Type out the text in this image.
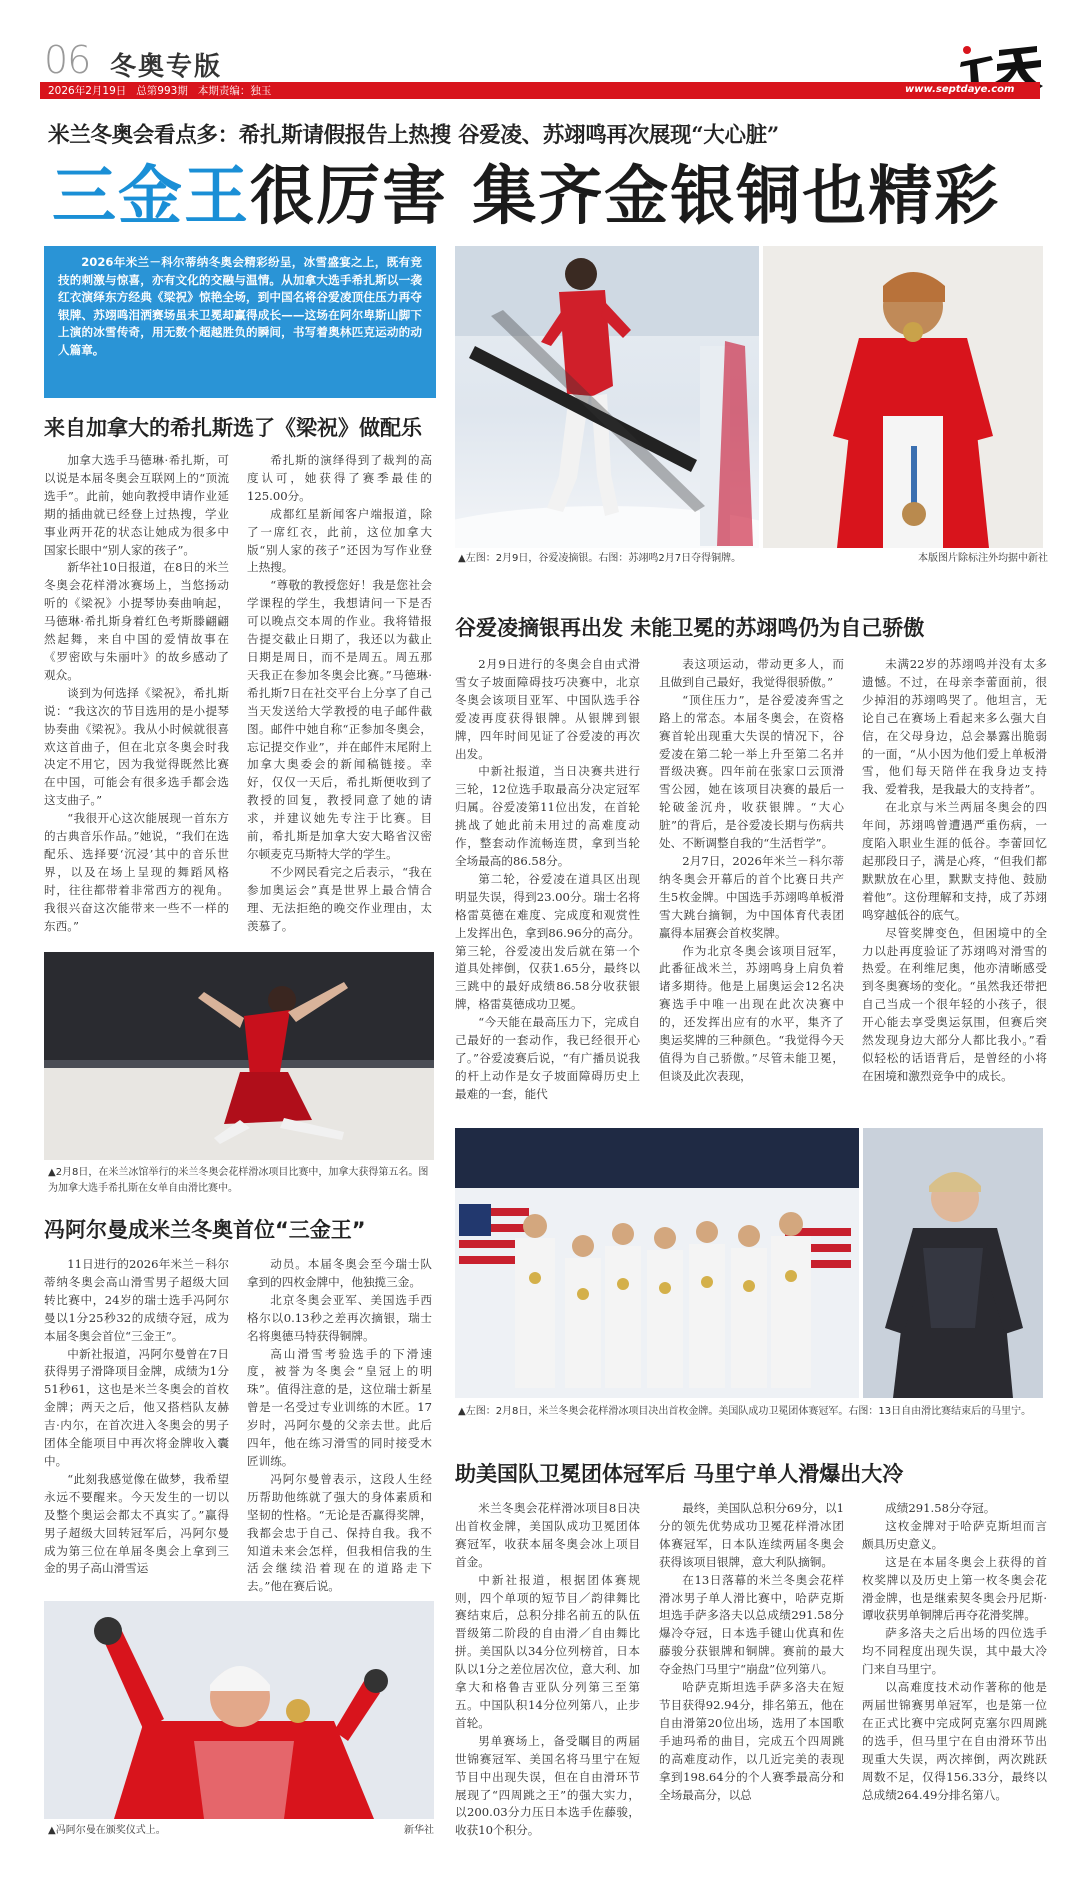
06 冬奥专版
2026年2月19日 总第993期 本期责编：独玉	www.septdaye.com
米兰冬奥会看点多：希扎斯请假报告上热搜 谷爱凌、苏翊鸣再次展现“大心脏”
三金王很厉害 集齐金银铜也精彩
2026年米兰－科尔蒂纳冬奥会精彩纷呈，冰雪盛宴之上，既有竞技的刺激与惊喜，亦有文化的交融与温情。从加拿大选手希扎斯以一袭红衣演绎东方经典《梁祝》惊艳全场，到中国名将谷爱凌顶住压力再夺银牌、苏翊鸣泪洒赛场虽未卫冕却赢得成长——这场在阿尔卑斯山脚下上演的冰雪传奇，用无数个超越胜负的瞬间，书写着奥林匹克运动的动人篇章。
▲左图：2月9日，谷爱凌摘银。右图：苏翊鸣2月7日夺得铜牌。	本版图片除标注外均据中新社
来自加拿大的希扎斯选了《梁祝》做配乐

加拿大选手马德琳·希扎斯，可以说是本届冬奥会互联网上的“顶流选手”。此前，她向教授申请作业延期的插曲就已经登上过热搜，学业事业两开花的状态让她成为很多中国家长眼中“别人家的孩子”。

新华社10日报道，在8日的米兰冬奥会花样滑冰赛场上，当悠扬动听的《梁祝》小提琴协奏曲响起，马德琳·希扎斯身着红色考斯滕翩翩然起舞，来自中国的爱情故事在《罗密欧与朱丽叶》的故乡感动了观众。

谈到为何选择《梁祝》，希扎斯说：“我这次的节目选用的是小提琴协奏曲《梁祝》。我从小时候就很喜欢这首曲子，但在北京冬奥会时我决定不用它，因为我觉得既然比赛在中国，可能会有很多选手都会选这支曲子。”

“我很开心这次能展现一首东方的古典音乐作品。”她说，“我们在选配乐、选择要‘沉浸’其中的音乐世界，以及在场上呈现的舞蹈风格时，往往都带着非常西方的视角。我很兴奋这次能带来一些不一样的东西。”

希扎斯的演绎得到了裁判的高度认可，她获得了赛季最佳的125.00分。

成都红星新闻客户端报道，除了一席红衣，此前，这位加拿大版“别人家的孩子”还因为写作业登上热搜。

“尊敬的教授您好！我是您社会学课程的学生，我想请问一下是否可以晚点交本周的作业。我将错报告提交截止日期了，我还以为截止日期是周日，而不是周五。周五那天我正在参加冬奥会比赛。”马德琳·希扎斯7日在社交平台上分享了自己当天发送给大学教授的电子邮件截图。邮件中她自称“正参加冬奥会，忘记提交作业”，并在邮件末尾附上加拿大奥委会的新闻稿链接。幸好，仅仅一天后，希扎斯便收到了教授的回复，教授同意了她的请求，并建议她先专注于比赛。目前，希扎斯是加拿大安大略省汉密尔顿麦克马斯特大学的学生。

不少网民看完之后表示，“我在参加奥运会”真是世界上最合情合理、无法拒绝的晚交作业理由，太羡慕了。

▲2月8日，在米兰冰馆举行的米兰冬奥会花样滑冰项目比赛中，加拿大获得第五名。图为加拿大选手希扎斯在女单自由滑比赛中。
冯阿尔曼成米兰冬奥首位“三金王”

11日进行的2026年米兰－科尔蒂纳冬奥会高山滑雪男子超级大回转比赛中，24岁的瑞士选手冯阿尔曼以1分25秒32的成绩夺冠，成为本届冬奥会首位“三金王”。

中新社报道，冯阿尔曼曾在7日获得男子滑降项目金牌，成绩为1分51秒61，这也是米兰冬奥会的首枚金牌；两天之后，他又搭档队友赫吉·内尔，在首次进入冬奥会的男子团体全能项目中再次将金牌收入囊中。

“此刻我感觉像在做梦，我希望永远不要醒来。今天发生的一切以及整个奥运会都太不真实了。”赢得男子超级大回转冠军后，冯阿尔曼成为第三位在单届冬奥会上拿到三金的男子高山滑雪运

动员。本届冬奥会至今瑞士队拿到的四枚金牌中，他独揽三金。

北京冬奥会亚军、美国选手西格尔以0.13秒之差再次摘银，瑞士名将奥德马特获得铜牌。

高山滑雪考验选手的下滑速度，被誉为冬奥会“皇冠上的明珠”。值得注意的是，这位瑞士新星曾是一名受过专业训练的木匠。17岁时，冯阿尔曼的父亲去世。此后四年，他在练习滑雪的同时接受木匠训练。

冯阿尔曼曾表示，这段人生经历帮助他练就了强大的身体素质和坚韧的性格。“无论是否赢得奖牌，我都会忠于自己、保持自我。我不知道未来会怎样，但我相信我的生活会继续沿着现在的道路走下去。”他在赛后说。

▲冯阿尔曼在颁奖仪式上。	新华社
谷爱凌摘银再出发 未能卫冕的苏翊鸣仍为自己骄傲

2月9日进行的冬奥会自由式滑雪女子坡面障碍技巧决赛中，北京冬奥会该项目亚军、中国队选手谷爱凌再度获得银牌。从银牌到银牌，四年时间见证了谷爱凌的再次出发。

中新社报道，当日决赛共进行三轮，12位选手取最高分决定冠军归属。谷爱凌第11位出发，在首轮挑战了她此前未用过的高难度动作，整套动作流畅连贯，拿到当轮全场最高的86.58分。

第二轮，谷爱凌在道具区出现明显失误，得到23.00分。瑞士名将格雷莫德在难度、完成度和观赏性上发挥出色，拿到86.96分的高分。第三轮，谷爱凌出发后就在第一个道具处摔倒，仅获1.65分，最终以三跳中的最好成绩86.58分收获银牌，格雷莫德成功卫冕。

“今天能在最高压力下，完成自己最好的一套动作，我已经很开心了。”谷爱凌赛后说，“有广播员说我的杆上动作是女子坡面障碍历史上最难的一套，能代

表这项运动，带动更多人，而且做到自己最好，我觉得很骄傲。”

“顶住压力”，是谷爱凌奔雪之路上的常态。本届冬奥会，在资格赛首轮出现重大失误的情况下，谷爱凌在第二轮一举上升至第二名并晋级决赛。四年前在张家口云顶滑雪公园，她在该项目决赛的最后一轮破釜沉舟，收获银牌。“大心脏”的背后，是谷爱凌长期与伤病共处、不断调整自我的“生活哲学”。

2月7日，2026年米兰－科尔蒂纳冬奥会开幕后的首个比赛日共产生5枚金牌。中国选手苏翊鸣单板滑雪大跳台摘铜，为中国体育代表团赢得本届赛会首枚奖牌。

作为北京冬奥会该项目冠军，此番征战米兰，苏翊鸣身上肩负着诸多期待。他是上届奥运会12名决赛选手中唯一出现在此次决赛中的，还发挥出应有的水平，集齐了奥运奖牌的三种颜色。“我觉得今天值得为自己骄傲。”尽管未能卫冕，但谈及此次表现，

未满22岁的苏翊鸣并没有太多遗憾。不过，在母亲李蕾面前，很少掉泪的苏翊鸣哭了。他坦言，无论自己在赛场上看起来多么强大自信，在父母身边，总会暴露出脆弱的一面，“从小因为他们爱上单板滑雪，他们每天陪伴在我身边支持我、爱着我，是我最大的支持者”。

在北京与米兰两届冬奥会的四年间，苏翊鸣曾遭遇严重伤病，一度陷入职业生涯的低谷。李蕾回忆起那段日子，满是心疼，“但我们都默默放在心里，默默支持他、鼓励着他”。这份理解和支持，成了苏翊鸣穿越低谷的底气。

尽管奖牌变色，但困境中的全力以赴再度验证了苏翊鸣对滑雪的热爱。在利维尼奥，他亦清晰感受到冬奥赛场的变化。“虽然我还带把自己当成一个很年轻的小孩子，很开心能去享受奥运氛围，但赛后突然发现身边大部分人都比我小。”看似轻松的话语背后，是曾经的小将在困境和激烈竞争中的成长。

▲左图：2月8日，米兰冬奥会花样滑冰项目决出首枚金牌。美国队成功卫冕团体赛冠军。右图：13日自由滑比赛结束后的马里宁。
助美国队卫冕团体冠军后 马里宁单人滑爆出大冷

米兰冬奥会花样滑冰项目8日决出首枚金牌，美国队成功卫冕团体赛冠军，收获本届冬奥会冰上项目首金。

中新社报道，根据团体赛规则，四个单项的短节目／韵律舞比赛结束后，总积分排名前五的队伍晋级第二阶段的自由滑／自由舞比拼。美国队以34分位列榜首，日本队以1分之差位居次位，意大利、加拿大和格鲁吉亚队分列第三至第五。中国队积14分位列第八，止步首轮。

男单赛场上，备受瞩目的两届世锦赛冠军、美国名将马里宁在短节目中出现失误，但在自由滑环节展现了“四周跳之王”的强大实力，以200.03分力压日本选手佐藤骏，收获10个积分。

最终，美国队总积分69分，以1分的领先优势成功卫冕花样滑冰团体赛冠军，日本队连续两届冬奥会获得该项目银牌，意大利队摘铜。

在13日落幕的米兰冬奥会花样滑冰男子单人滑比赛中，哈萨克斯坦选手萨多洛夫以总成绩291.58分爆冷夺冠，日本选手键山优真和佐藤骏分获银牌和铜牌。赛前的最大夺金热门马里宁“崩盘”位列第八。

哈萨克斯坦选手萨多洛夫在短节目获得92.94分，排名第五，他在自由滑第20位出场，选用了本国歌手迪玛希的曲目，完成五个四周跳的高难度动作，以几近完美的表现拿到198.64分的个人赛季最高分和全场最高分，以总

成绩291.58分夺冠。

这枚金牌对于哈萨克斯坦而言颇具历史意义。

这是在本届冬奥会上获得的首枚奖牌以及历史上第一枚冬奥会花滑金牌，也是继索契冬奥会丹尼斯·谭收获男单铜牌后再夺花滑奖牌。

萨多洛夫之后出场的四位选手均不同程度出现失误，其中最大冷门来自马里宁。

以高难度技术动作著称的他是两届世锦赛男单冠军，也是第一位在正式比赛中完成阿克塞尔四周跳的选手，但马里宁在自由滑环节出现重大失误，两次摔倒，两次跳跃周数不足，仅得156.33分，最终以总成绩264.49分排名第八。
